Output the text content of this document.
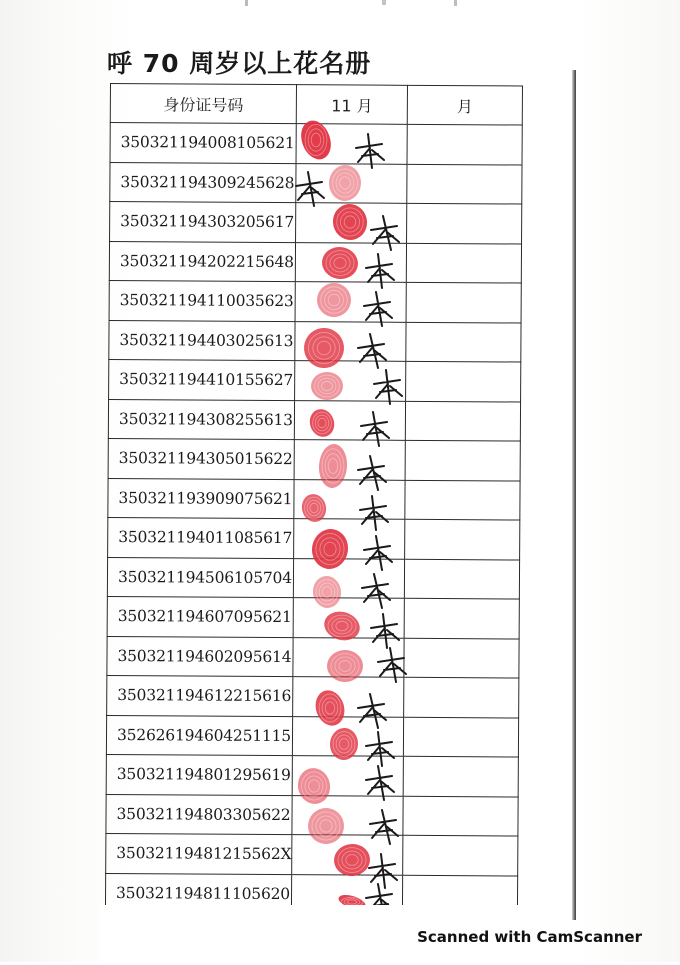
呼 70 周岁以上花名册
身份证号码	11 月	月

350321194008105621		

350321194309245628		

350321194303205617		

350321194202215648		

350321194110035623		

350321194403025613		

350321194410155627		

350321194308255613		

350321194305015622		

350321193909075621		

350321194011085617		

350321194506105704		

350321194607095621		

350321194602095614		

350321194612215616		

352626194604251115		

350321194801295619		

350321194803305622		

35032119481215562X		

350321194811105620		

Scanned with CamScanner
